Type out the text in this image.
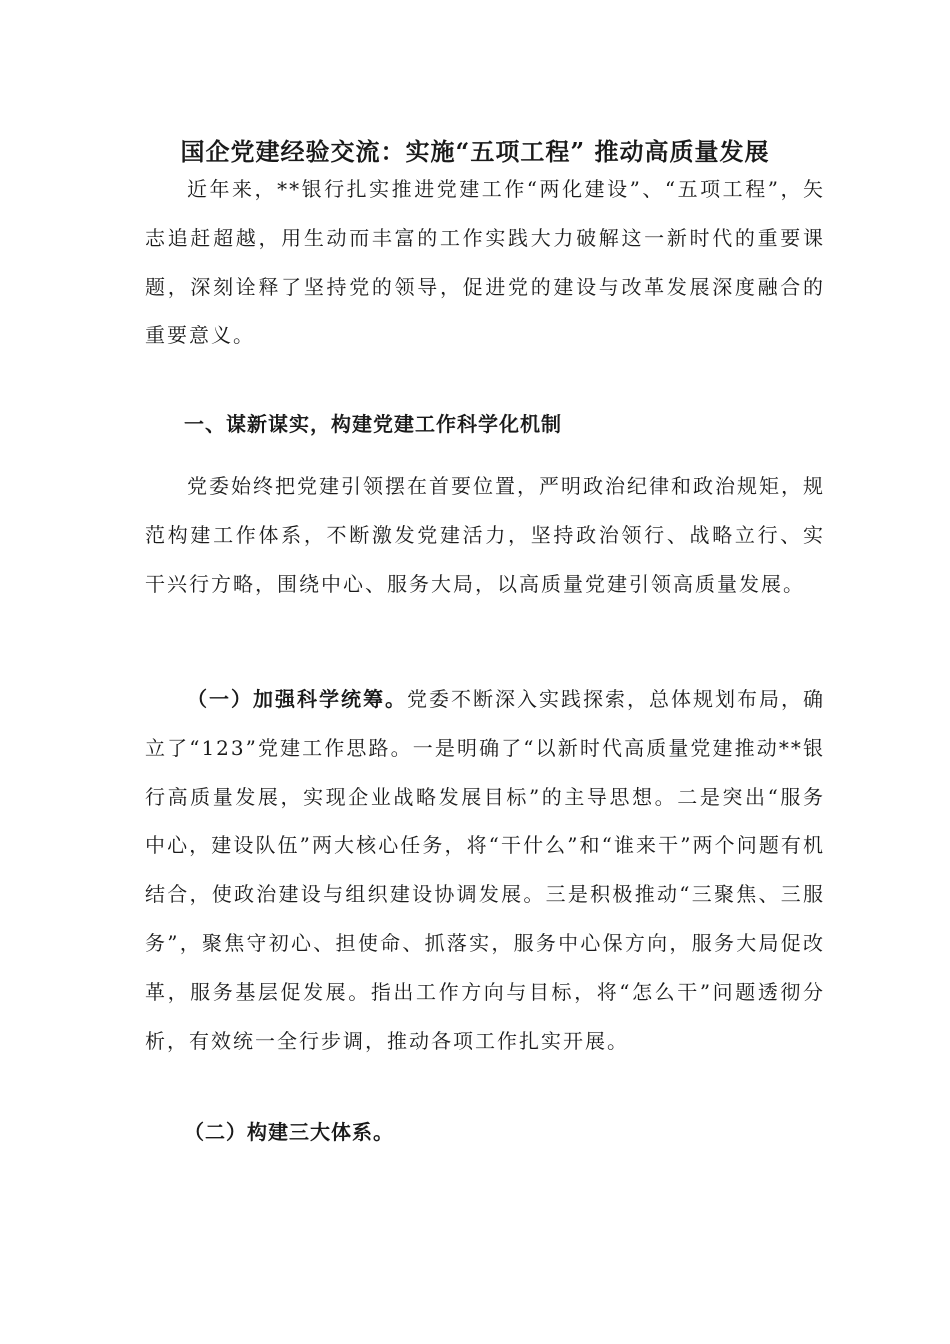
国企党建经验交流：实施“五项工程” 推动高质量发展

近年来，**银行扎实推进党建工作“两化建设”、“五项工程”，矢志追赶超越，用生动而丰富的工作实践大力破解这一新时代的重要课题，深刻诠释了坚持党的领导，促进党的建设与改革发展深度融合的重要意义。

一、谋新谋实，构建党建工作科学化机制

党委始终把党建引领摆在首要位置，严明政治纪律和政治规矩，规范构建工作体系，不断激发党建活力，坚持政治领行、战略立行、实干兴行方略，围绕中心、服务大局，以高质量党建引领高质量发展。

（一）加强科学统筹。党委不断深入实践探索，总体规划布局，确立了“123”党建工作思路。一是明确了“以新时代高质量党建推动**银行高质量发展，实现企业战略发展目标”的主导思想。二是突出“服务中心，建设队伍”两大核心任务，将“干什么”和“谁来干”两个问题有机结合，使政治建设与组织建设协调发展。三是积极推动“三聚焦、三服务”，聚焦守初心、担使命、抓落实，服务中心保方向，服务大局促改革，服务基层促发展。指出工作方向与目标，将“怎么干”问题透彻分析，有效统一全行步调，推动各项工作扎实开展。

（二）构建三大体系。
